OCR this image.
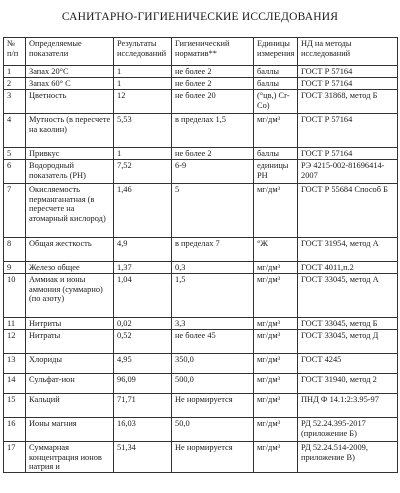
САНИТАРНО-ГИГИЕНИЧЕСКИЕ ИССЛЕДОВАНИЯ
№ п/п	Определяемые показатели	Результаты исследований	Гигиенический норматив**	Единицы измерения	НД на методы исследований
1	Запах 20°C	1	не более 2	баллы	ГОСТ Р 57164
2	Запах 60° C	1	не более 2	баллы	ГОСТ Р 57164
3	Цветность	12	не более 20	(°цв,) Cr-Co)	ГОСТ 31868, метод Б
4	Мутность (в пересчете на каолин)	5,53	в пределах 1,5	мг/дм³	ГОСТ Р 57164
5	Привкус	1	не более 2	баллы	ГОСТ Р 57164
6	Водородный показатель (PH)	7,52	6-9	единицы PH	РЭ 4215-002-81696414-2007
7	Окисляемость перманганатная (в пересчете на атомарный кислород)	1,46	5	мг/дм³	ГОСТ Р 55684 Способ Б
8	Общая жесткость	4,9	в пределах 7	°Ж	ГОСТ 31954, метод А
9	Железо общее	1,37	0,3	мг/дм³	ГОСТ 4011,п.2
10	Аммиак и ионы аммония (суммарно) (по азоту)	1,04	1,5	мг/дм³	ГОСТ 33045, метод А
11	Нитриты	0,02	3,3	мг/дм³	ГОСТ 33045, метод Б
12	Нитраты	0,52	не более 45	мг/дм³	ГОСТ 33045, метод Д
13	Хлориды	4,95	350,0	мг/дм³	ГОСТ 4245
14	Сульфат-ион	96,09	500,0	мг/дм³	ГОСТ 31940, метод 2
15	Кальций	71,71	Не нормируется	мг/дм³	ПНД Ф 14.1:2:3.95-97
16	Ионы магния	16,03	50,0	мг/дм³	РД 52.24.395-2017 (приложение Б)
17	Суммарная концентрация ионов натрия и	51,34	Не нормируется	мг/дм³	РД 52.24.514-2009, приложение В)
